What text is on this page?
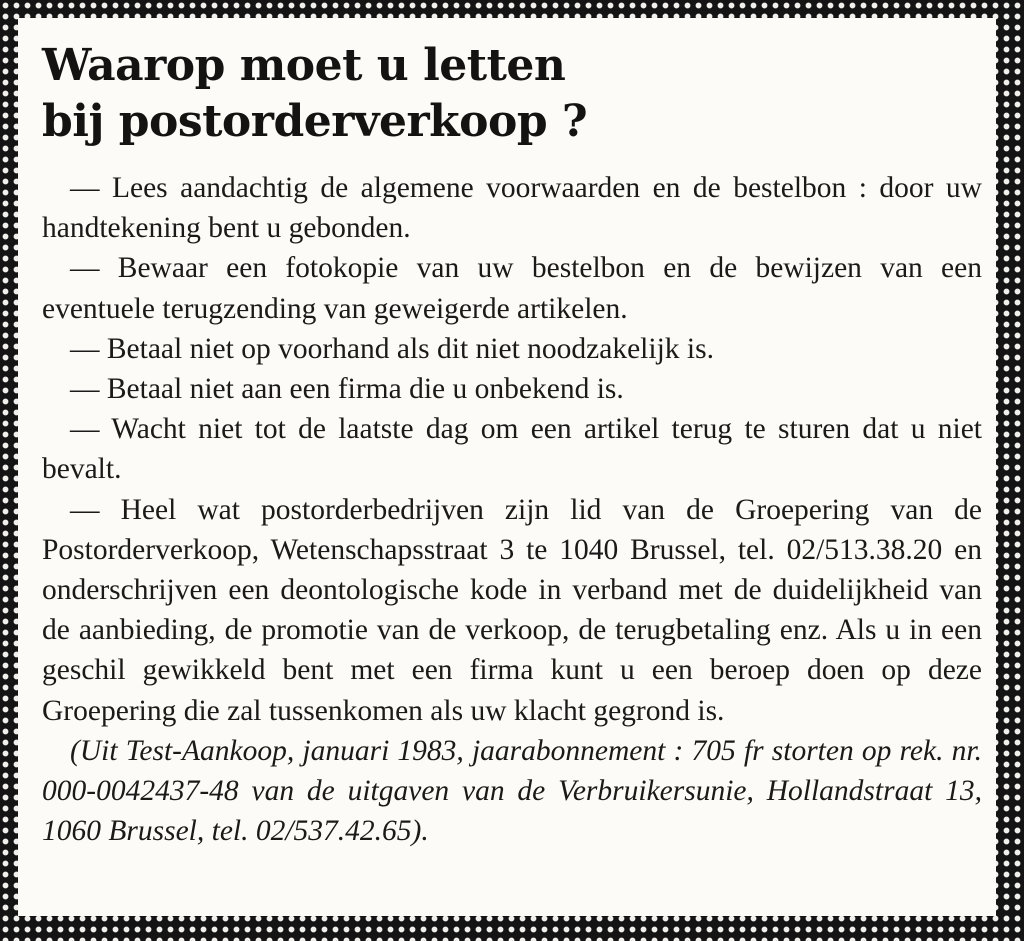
Waarop moet u letten
bij postorderverkoop ?

— Lees aandachtig de algemene voorwaarden en de bestelbon : door uw handtekening bent u gebonden.

— Bewaar een fotokopie van uw bestelbon en de bewijzen van een eventuele terugzending van geweigerde artikelen.

— Betaal niet op voorhand als dit niet noodzakelijk is.

— Betaal niet aan een firma die u onbekend is.

— Wacht niet tot de laatste dag om een artikel terug te sturen dat u niet bevalt.

— Heel wat postorderbedrijven zijn lid van de Groepering van de Postorderverkoop, Wetenschapsstraat 3 te 1040 Brussel, tel. 02/513.38.20 en onderschrijven een deontologische kode in verband met de duidelijkheid van de aanbieding, de promotie van de verkoop, de terugbetaling enz. Als u in een geschil gewikkeld bent met een firma kunt u een beroep doen op deze Groepering die zal tussenkomen als uw klacht gegrond is.

(Uit Test-Aankoop, januari 1983, jaarabonnement : 705 fr storten op rek. nr. 000-0042437-48 van de uitgaven van de Verbruikersunie, Hollandstraat 13, 1060 Brussel, tel. 02/537.42.65).
